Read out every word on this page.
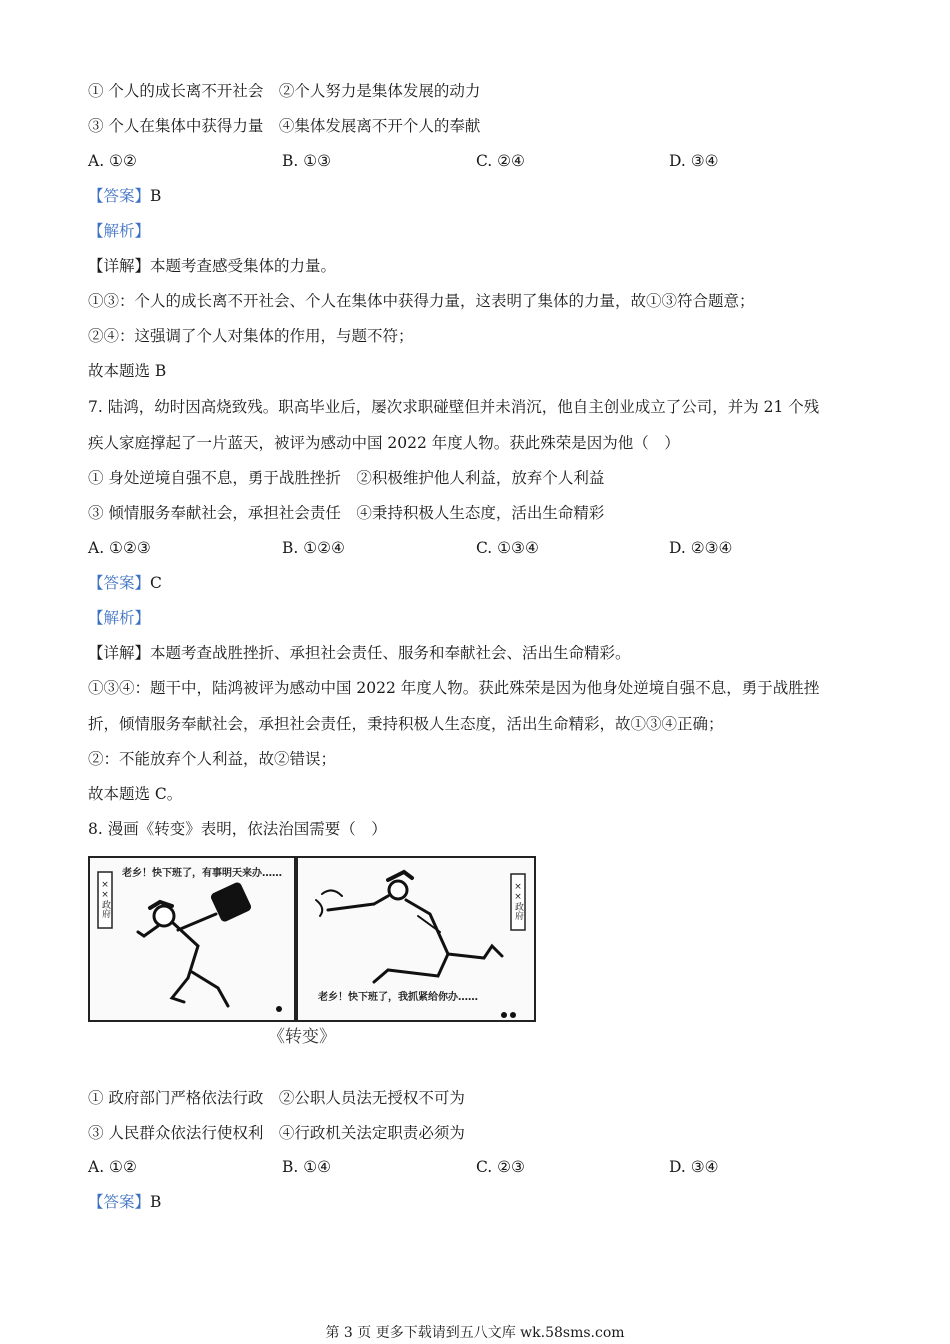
① 个人的成长离不开社会　②个人努力是集体发展的动力
③ 个人在集体中获得力量　④集体发展离不开个人的奉献
A. ①②	B. ①③	C. ②④	D. ③④
【答案】B
【解析】
【详解】本题考查感受集体的力量。
①③：个人的成长离不开社会、个人在集体中获得力量，这表明了集体的力量，故①③符合题意；
②④：这强调了个人对集体的作用，与题不符；
故本题选 B
7. 陆鸿，幼时因高烧致残。职高毕业后，屡次求职碰壁但并未消沉，他自主创业成立了公司，并为 21 个残
疾人家庭撑起了一片蓝天，被评为感动中国 2022 年度人物。获此殊荣是因为他（　）
① 身处逆境自强不息，勇于战胜挫折　②积极维护他人利益，放弃个人利益
③ 倾情服务奉献社会，承担社会责任　④秉持积极人生态度，活出生命精彩
A. ①②③	B. ①②④	C. ①③④	D. ②③④
【答案】C
【解析】
【详解】本题考查战胜挫折、承担社会责任、服务和奉献社会、活出生命精彩。
①③④：题干中，陆鸿被评为感动中国 2022 年度人物。获此殊荣是因为他身处逆境自强不息，勇于战胜挫
折，倾情服务奉献社会，承担社会责任，秉持积极人生态度，活出生命精彩，故①③④正确；
②：不能放弃个人利益，故②错误；
故本题选 C。
8. 漫画《转变》表明，依法治国需要（　）
××政府
老乡！快下班了，有事明天来办……
××政府
老乡！快下班了，我抓紧给你办……
《转变》
① 政府部门严格依法行政　②公职人员法无授权不可为
③ 人民群众依法行使权利　④行政机关法定职责必须为
A. ①②	B. ①④	C. ②③	D. ③④
【答案】B
第 3 页 更多下载请到五八文库 wk.58sms.com
